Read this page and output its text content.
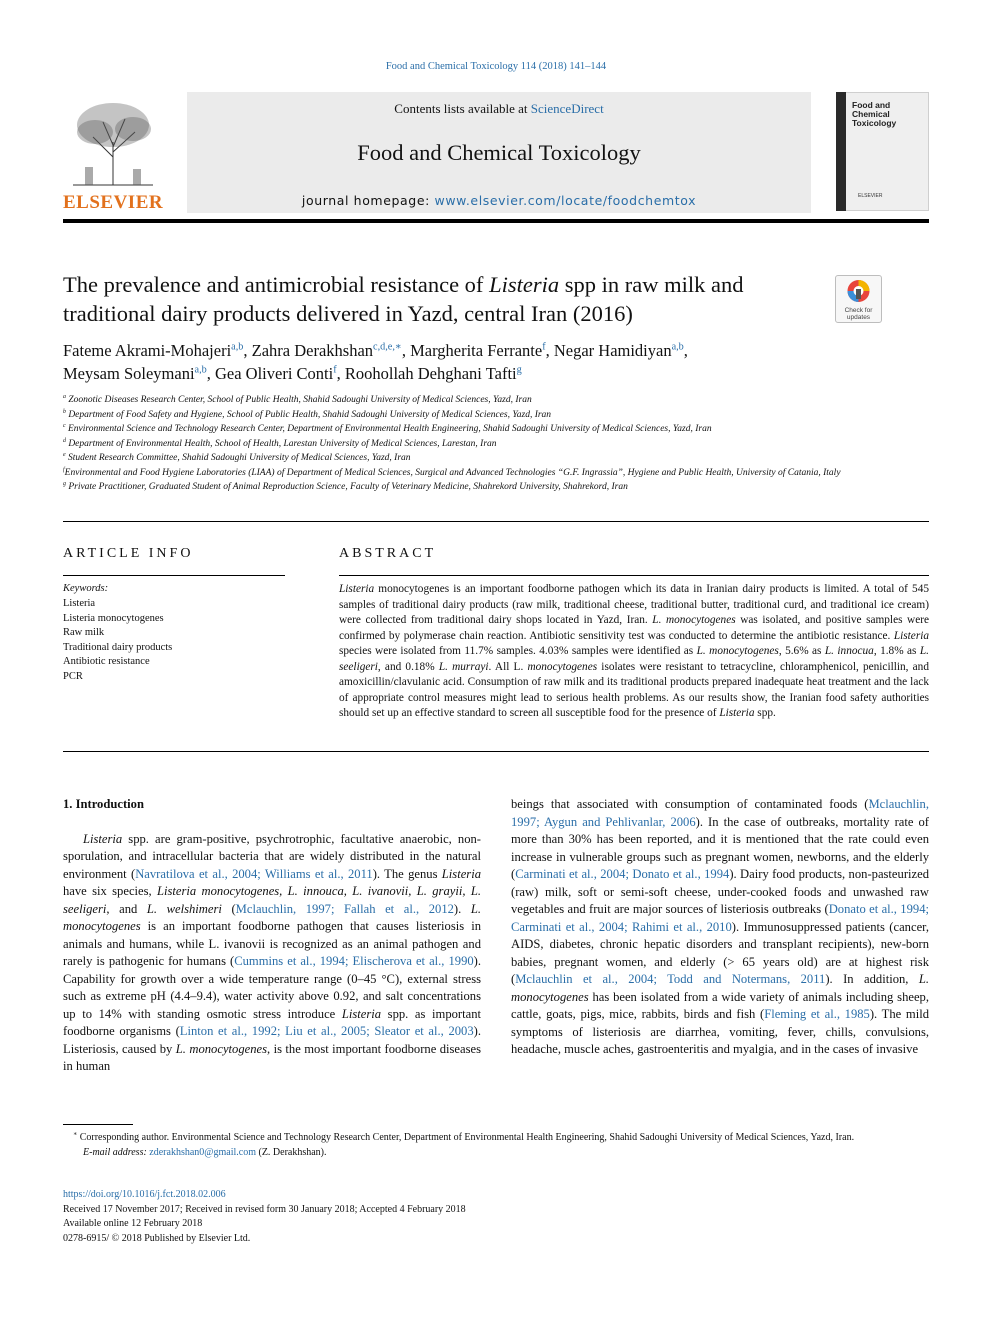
Food and Chemical Toxicology 114 (2018) 141–144
ELSEVIER
Contents lists available at ScienceDirect
Food and Chemical Toxicology
journal homepage: www.elsevier.com/locate/foodchemtox
Food and Chemical Toxicology
ELSEVIER
The prevalence and antimicrobial resistance of Listeria spp in raw milk and traditional dairy products delivered in Yazd, central Iran (2016)	Check for updates
Fateme Akrami-Mohajeri$^{a,b}$, Zahra Derakhshan$^{c,d,e,∗}$, Margherita Ferrante$^f$, Negar Hamidiyan$^{a,b}$,
Meysam Soleymani$^{a,b}$, Gea Oliveri Conti$^f$, Roohollah Dehghani Tafti$^g$
$^a$ Zoonotic Diseases Research Center, School of Public Health, Shahid Sadoughi University of Medical Sciences, Yazd, Iran
$^b$ Department of Food Safety and Hygiene, School of Public Health, Shahid Sadoughi University of Medical Sciences, Yazd, Iran
$^c$ Environmental Science and Technology Research Center, Department of Environmental Health Engineering, Shahid Sadoughi University of Medical Sciences, Yazd, Iran
$^d$ Department of Environmental Health, School of Health, Larestan University of Medical Sciences, Larestan, Iran
$^e$ Student Research Committee, Shahid Sadoughi University of Medical Sciences, Yazd, Iran
$^f$Environmental and Food Hygiene Laboratories (LIAA) of Department of Medical Sciences, Surgical and Advanced Technologies “G.F. Ingrassia”, Hygiene and Public Health, University of Catania, Italy
$^g$ Private Practitioner, Graduated Student of Animal Reproduction Science, Faculty of Veterinary Medicine, Shahrekord University, Shahrekord, Iran
ARTICLE INFO
Keywords:
Listeria
Listeria monocytogenes
Raw milk
Traditional dairy products
Antibiotic resistance
PCR
ABSTRACT
Listeria monocytogenes is an important foodborne pathogen which its data in Iranian dairy products is limited. A total of 545 samples of traditional dairy products (raw milk, traditional cheese, traditional butter, traditional curd, and traditional ice cream) were collected from traditional dairy shops located in Yazd, Iran. L. monocytogenes was isolated, and positive samples were confirmed by polymerase chain reaction. Antibiotic sensitivity test was conducted to determine the antibiotic resistance. Listeria species were isolated from 11.7% samples. 4.03% samples were identified as L. monocytogenes, 5.6% as L. innocua, 1.8% as L. seeligeri, and 0.18% L. murrayi. All L. monocytogenes isolates were resistant to tetracycline, chloramphenicol, penicillin, and amoxicillin/clavulanic acid. Consumption of raw milk and its traditional products prepared inadequate heat treatment and the lack of appropriate control measures might lead to serious health problems. As our results show, the Iranian food safety authorities should set up an effective standard to screen all susceptible food for the presence of Listeria spp.
1. Introduction

Listeria spp. are gram-positive, psychrotrophic, facultative anaerobic, non-sporulation, and intracellular bacteria that are widely distributed in the natural environment (Navratilova et al., 2004; Williams et al., 2011). The genus Listeria have six species, Listeria monocytogenes, L. innouca, L. ivanovii, L. grayii, L. seeligeri, and L. welshimeri (Mclauchlin, 1997; Fallah et al., 2012). L. monocytogenes is an important foodborne pathogen that causes listeriosis in animals and humans, while L. ivanovii is recognized as an animal pathogen and rarely is pathogenic for humans (Cummins et al., 1994; Elischerova et al., 1990). Capability for growth over a wide temperature range (0–45 °C), external stress such as extreme pH (4.4–9.4), water activity above 0.92, and salt concentrations up to 14% with standing osmotic stress introduce Listeria spp. as important foodborne organisms (Linton et al., 1992; Liu et al., 2005; Sleator et al., 2003). Listeriosis, caused by L. monocytogenes, is the most important foodborne diseases in human

beings that associated with consumption of contaminated foods (Mclauchlin, 1997; Aygun and Pehlivanlar, 2006). In the case of outbreaks, mortality rate of more than 30% has been reported, and it is mentioned that the rate could even increase in vulnerable groups such as pregnant women, newborns, and the elderly (Carminati et al., 2004; Donato et al., 1994). Dairy food products, non-pasteurized (raw) milk, soft or semi-soft cheese, under-cooked foods and unwashed raw vegetables and fruit are major sources of listeriosis outbreaks (Donato et al., 1994; Carminati et al., 2004; Rahimi et al., 2010). Immunosuppressed patients (cancer, AIDS, diabetes, chronic hepatic disorders and transplant recipients), new-born babies, pregnant women, and elderly (> 65 years old) are at highest risk (Mclauchlin et al., 2004; Todd and Notermans, 2011). In addition, L. monocytogenes has been isolated from a wide variety of animals including sheep, cattle, goats, pigs, mice, rabbits, birds and fish (Fleming et al., 1985). The mild symptoms of listeriosis are diarrhea, vomiting, fever, chills, convulsions, headache, muscle aches, gastroenteritis and myalgia, and in the cases of invasive

∗ Corresponding author. Environmental Science and Technology Research Center, Department of Environmental Health Engineering, Shahid Sadoughi University of Medical Sciences, Yazd, Iran.
E-mail address: zderakhshan0@gmail.com (Z. Derakhshan).
https://doi.org/10.1016/j.fct.2018.02.006
Received 17 November 2017; Received in revised form 30 January 2018; Accepted 4 February 2018
Available online 12 February 2018
0278-6915/ © 2018 Published by Elsevier Ltd.
